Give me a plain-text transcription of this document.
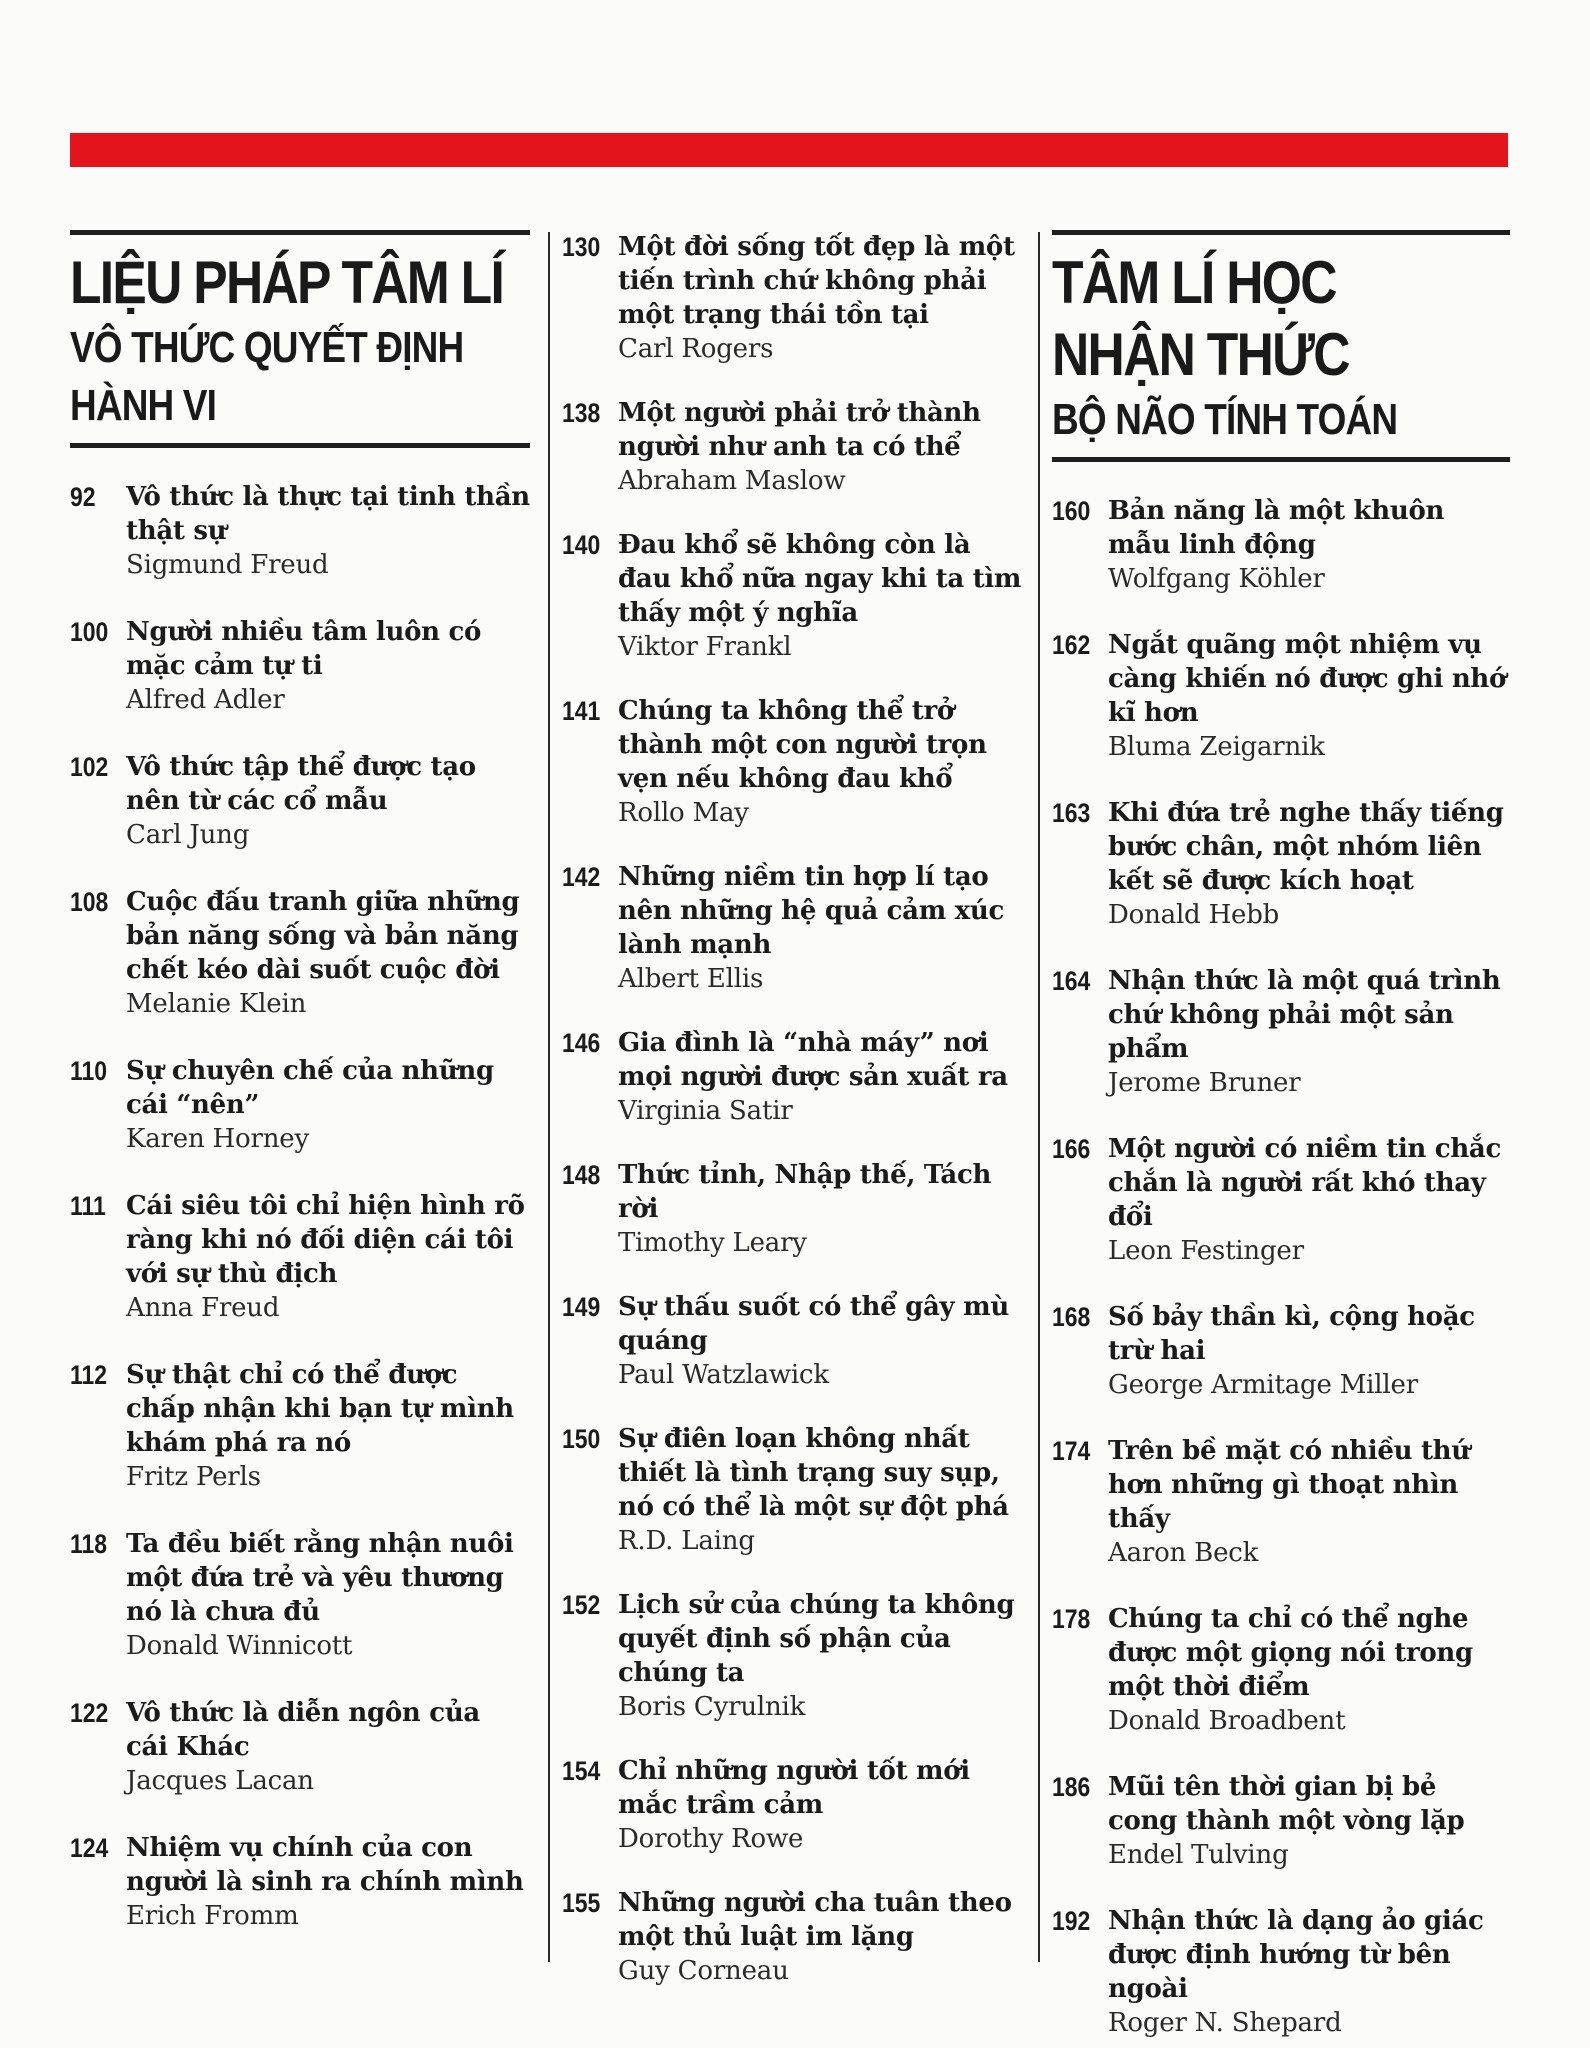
LIỆU PHÁP TÂM LÍ
VÔ THỨC QUYẾT ĐỊNH
HÀNH VI
92	Vô thức là thực tại tinh thần thật sự
Sigmund Freud
100 Người nhiều tâm luôn có mặc cảm tự ti
Alfred Adler
102 Vô thức tập thể được tạo nên từ các cổ mẫu
Carl Jung
108 Cuộc đấu tranh giữa những bản năng sống và bản năng chết kéo dài suốt cuộc đời
Melanie Klein
110 Sự chuyên chế của những cái “nên”
Karen Horney
111 Cái siêu tôi chỉ hiện hình rõ ràng khi nó đối diện cái tôi với sự thù địch
Anna Freud
112 Sự thật chỉ có thể được chấp nhận khi bạn tự mình khám phá ra nó
Fritz Perls
118 Ta đều biết rằng nhận nuôi một đứa trẻ và yêu thương nó là chưa đủ
Donald Winnicott
122 Vô thức là diễn ngôn của cái Khác
Jacques Lacan
124 Nhiệm vụ chính của con người là sinh ra chính mình
Erich Fromm
130 Một đời sống tốt đẹp là một tiến trình chứ không phải một trạng thái tồn tại
Carl Rogers
138 Một người phải trở thành người như anh ta có thể
Abraham Maslow
140 Đau khổ sẽ không còn là đau khổ nữa ngay khi ta tìm thấy một ý nghĩa
Viktor Frankl
141 Chúng ta không thể trở thành một con người trọn vẹn nếu không đau khổ
Rollo May
142 Những niềm tin hợp lí tạo nên những hệ quả cảm xúc lành mạnh
Albert Ellis
146 Gia đình là “nhà máy” nơi mọi người được sản xuất ra
Virginia Satir
148 Thức tỉnh, Nhập thế, Tách rời
Timothy Leary
149 Sự thấu suốt có thể gây mù quáng
Paul Watzlawick
150 Sự điên loạn không nhất thiết là tình trạng suy sụp, nó có thể là một sự đột phá
R.D. Laing
152 Lịch sử của chúng ta không quyết định số phận của chúng ta
Boris Cyrulnik
154 Chỉ những người tốt mới mắc trầm cảm
Dorothy Rowe
155 Những người cha tuân theo một thủ luật im lặng
Guy Corneau
TÂM LÍ HỌC
NHẬN THỨC
BỘ NÃO TÍNH TOÁN
160 Bản năng là một khuôn mẫu linh động
Wolfgang Köhler
162 Ngắt quãng một nhiệm vụ càng khiến nó được ghi nhớ kĩ hơn
Bluma Zeigarnik
163 Khi đứa trẻ nghe thấy tiếng bước chân, một nhóm liên kết sẽ được kích hoạt
Donald Hebb
164 Nhận thức là một quá trình chứ không phải một sản phẩm
Jerome Bruner
166 Một người có niềm tin chắc chắn là người rất khó thay đổi
Leon Festinger
168 Số bảy thần kì, cộng hoặc trừ hai
George Armitage Miller
174 Trên bề mặt có nhiều thứ hơn những gì thoạt nhìn thấy
Aaron Beck
178 Chúng ta chỉ có thể nghe được một giọng nói trong một thời điểm
Donald Broadbent
186 Mũi tên thời gian bị bẻ cong thành một vòng lặp
Endel Tulving
192 Nhận thức là dạng ảo giác được định hướng từ bên ngoài
Roger N. Shepard
